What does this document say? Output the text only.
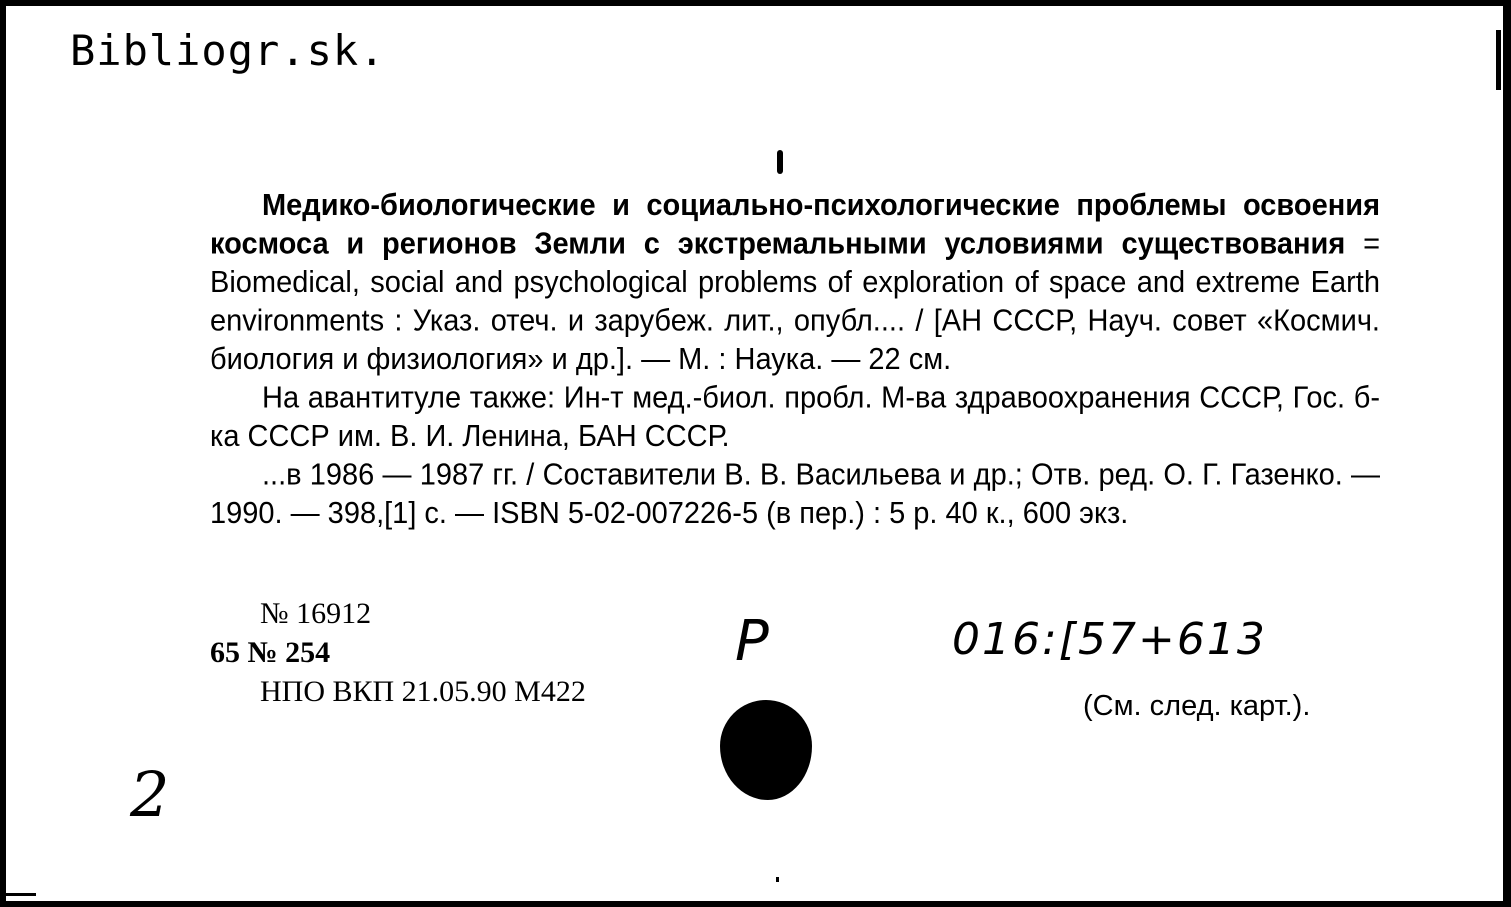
Bibliogr.sk.

Медико-биологические и социально-психологические проблемы освоения космоса и регионов Земли с экстремальными условиями существования = Biomedical, social and psychological problems of exploration of space and extreme Earth environments : Указ. отеч. и зарубеж. лит., опубл.... / [АН СССР, Науч. совет «Космич. биология и физиология» и др.]. — М. : Наука. — 22 см.

На авантитуле также: Ин-т мед.-биол. пробл. М-ва здравоохранения СССР, Гос. б-ка СССР им. В. И. Ленина, БАН СССР.

...в 1986 — 1987 гг. / Составители В. В. Васильева и др.; Отв. ред. О. Г. Газенко. — 1990. — 398,[1] с. — ISBN 5-02-007226-5 (в пер.) : 5 р. 40 к., 600 экз.

№ 16912
65 № 254
НПО ВКП 21.05.90 М422
Р	016:[57+613
(См. след. карт.).
2
